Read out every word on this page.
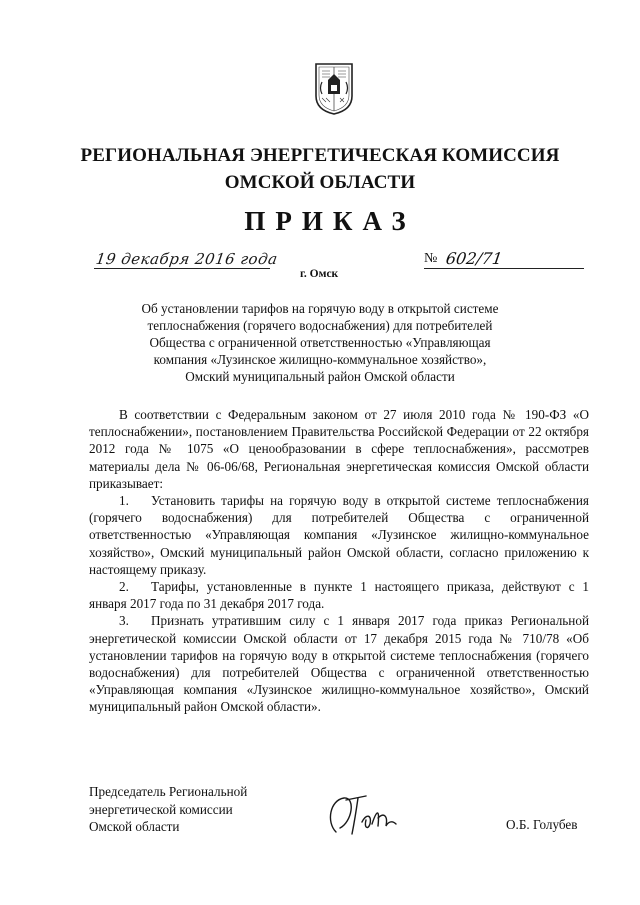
РЕГИОНАЛЬНАЯ ЭНЕРГЕТИЧЕСКАЯ КОМИССИЯ
ОМСКОЙ ОБЛАСТИ
ПРИКАЗ
19 декабря 2016 года
г. Омск
№ 602/71
Об установлении тарифов на горячую воду в открытой системе
теплоснабжения (горячего водоснабжения) для потребителей
Общества с ограниченной ответственностью «Управляющая
компания «Лузинское жилищно-коммунальное хозяйство»,
Омский муниципальный район Омской области

В соответствии с Федеральным законом от 27 июля 2010 года № 190-ФЗ «О теплоснабжении», постановлением Правительства Российской Федерации от 22 октября 2012 года № 1075 «О ценообразовании в сфере теплоснабжения», рассмотрев материалы дела № 06-06/68, Региональная энергетическая комиссия Омской области приказывает:

1. Установить тарифы на горячую воду в открытой системе теплоснабжения (горячего водоснабжения) для потребителей Общества с ограниченной ответственностью «Управляющая компания «Лузинское жилищно-коммунальное хозяйство», Омский муниципальный район Омской области, согласно приложению к настоящему приказу.

2. Тарифы, установленные в пункте 1 настоящего приказа, действуют с 1 января 2017 года по 31 декабря 2017 года.

3. Признать утратившим силу с 1 января 2017 года приказ Региональной энергетической комиссии Омской области от 17 декабря 2015 года № 710/78 «Об установлении тарифов на горячую воду в открытой системе теплоснабжения (горячего водоснабжения) для потребителей Общества с ограниченной ответственностью «Управляющая компания «Лузинское жилищно-коммунальное хозяйство», Омский муниципальный район Омской области».

Председатель Региональной
энергетической комиссии
Омской области	О.Б. Голубев
